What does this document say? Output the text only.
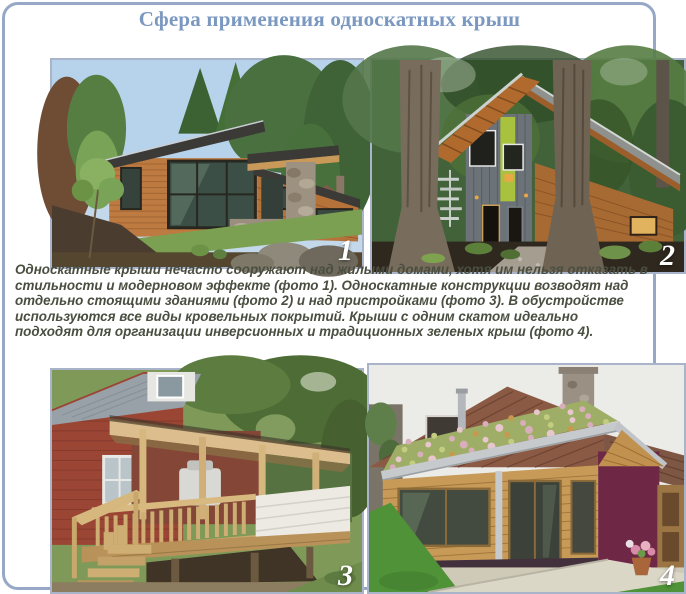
Сфера применения односкатных крыш
1	2

Односкатные крыши нечасто сооружают над жилыми домами, хотя им нельзя отказать в стильности и модерновом эффекте (фото 1). Односкатные конструкции возводят над отдельно стоящими зданиями (фото 2) и над пристройками (фото 3). В обустройстве используются все виды кровельных покрытий. Крыши с одним скатом идеально подходят для организации инверсионных и традиционных зеленых крыш (фото 4).

3	4
